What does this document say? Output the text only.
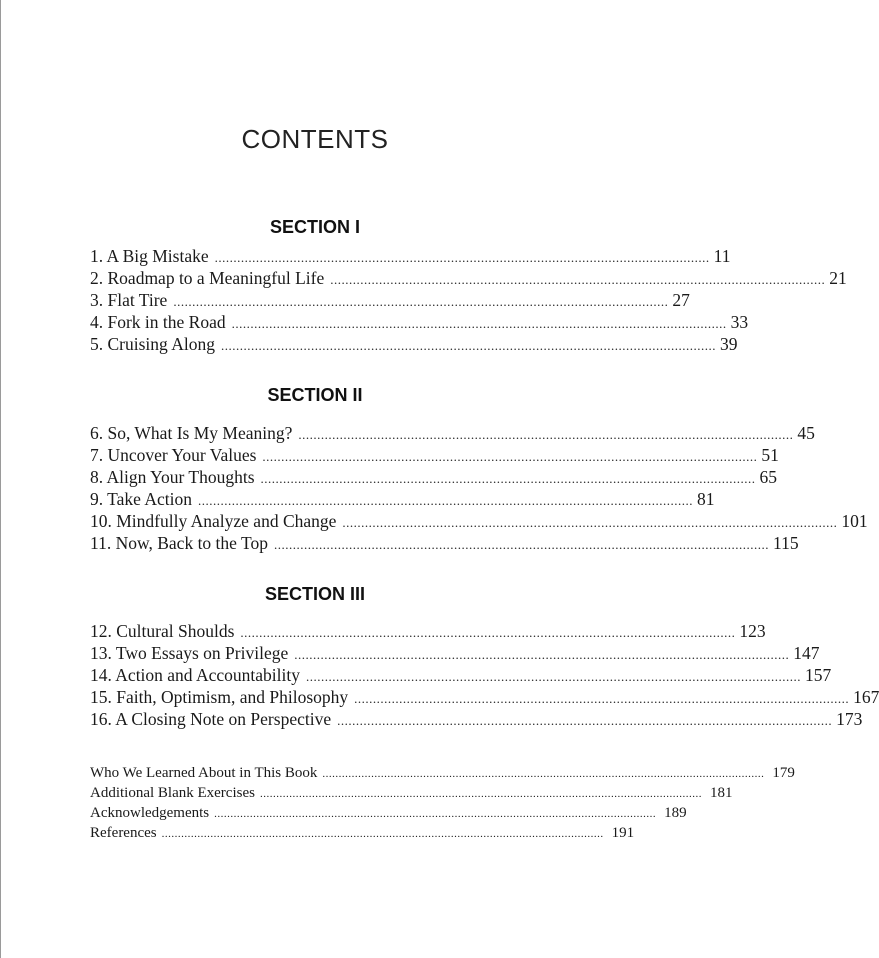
CONTENTS
SECTION I
1. A Big Mistake .................................................................................................................................... 11
2. Roadmap to a Meaningful Life .................................................................................................................................... 21
3. Flat Tire .................................................................................................................................... 27
4. Fork in the Road .................................................................................................................................... 33
5. Cruising Along .................................................................................................................................... 39
SECTION II
6. So, What Is My Meaning? .................................................................................................................................... 45
7. Uncover Your Values .................................................................................................................................... 51
8. Align Your Thoughts .................................................................................................................................... 65
9. Take Action .................................................................................................................................... 81
10. Mindfully Analyze and Change .................................................................................................................................... 101
11. Now, Back to the Top .................................................................................................................................... 115
SECTION III
12. Cultural Shoulds .................................................................................................................................... 123
13. Two Essays on Privilege .................................................................................................................................... 147
14. Action and Accountability .................................................................................................................................... 157
15. Faith, Optimism, and Philosophy .................................................................................................................................... 167
16. A Closing Note on Perspective .................................................................................................................................... 173
Who We Learned About in This Book ........................................................................................................................................ 179
Additional Blank Exercises ........................................................................................................................................ 181
Acknowledgements ........................................................................................................................................ 189
References ........................................................................................................................................ 191
